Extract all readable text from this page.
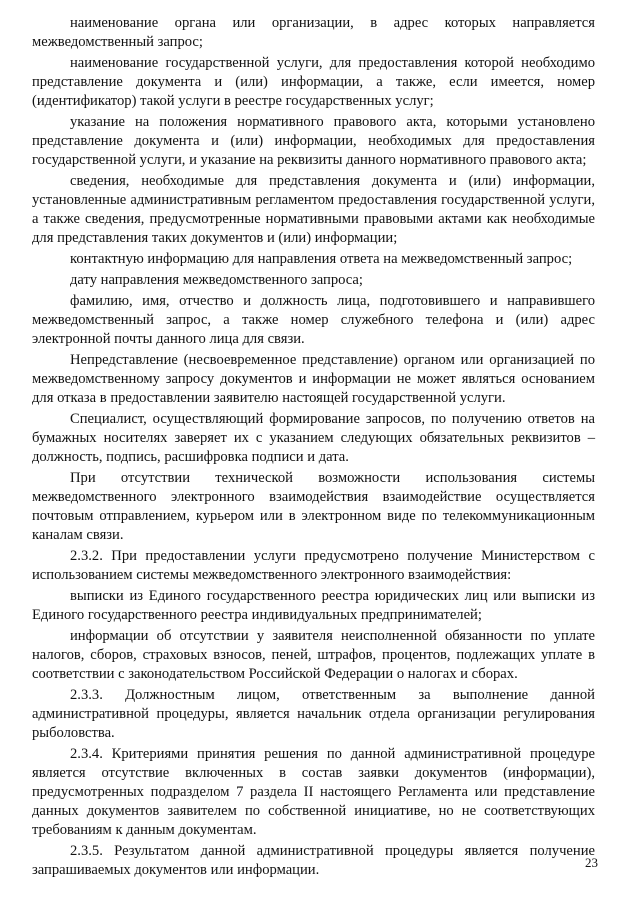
наименование органа или организации, в адрес которых направляется межведомственный запрос;

наименование государственной услуги, для предоставления которой необходимо представление документа и (или) информации, а также, если имеется, номер (идентификатор) такой услуги в реестре государственных услуг;

указание на положения нормативного правового акта, которыми установлено представление документа и (или) информации, необходимых для предоставления государственной услуги, и указание на реквизиты данного нормативного правового акта;

сведения, необходимые для представления документа и (или) информации, установленные административным регламентом предоставления государственной услуги, а также сведения, предусмотренные нормативными правовыми актами как необходимые для представления таких документов и (или) информации;

контактную информацию для направления ответа на межведомственный запрос;

дату направления межведомственного запроса;

фамилию, имя, отчество и должность лица, подготовившего и направившего межведомственный запрос, а также номер служебного телефона и (или) адрес электронной почты данного лица для связи.

Непредставление (несвоевременное представление) органом или организацией по межведомственному запросу документов и информации не может являться основанием для отказа в предоставлении заявителю настоящей государственной услуги.

Специалист, осуществляющий формирование запросов, по получению ответов на бумажных носителях заверяет их с указанием следующих обязательных реквизитов – должность, подпись, расшифровка подписи и дата.

При отсутствии технической возможности использования системы межведомственного электронного взаимодействия взаимодействие осуществляется почтовым отправлением, курьером или в электронном виде по телекоммуникационным каналам связи.

2.3.2. При предоставлении услуги предусмотрено получение Министерством с использованием системы межведомственного электронного взаимодействия:

выписки из Единого государственного реестра юридических лиц или выписки из Единого государственного реестра индивидуальных предпринимателей;

информации об отсутствии у заявителя неисполненной обязанности по уплате налогов, сборов, страховых взносов, пеней, штрафов, процентов, подлежащих уплате в соответствии с законодательством Российской Федерации о налогах и сборах.

2.3.3. Должностным лицом, ответственным за выполнение данной административной процедуры, является начальник отдела организации регулирования рыболовства.

2.3.4. Критериями принятия решения по данной административной процедуре является отсутствие включенных в состав заявки документов (информации), предусмотренных подразделом 7 раздела II настоящего Регламента или представление данных документов заявителем по собственной инициативе, но не соответствующих требованиям к данным документам.

2.3.5. Результатом данной административной процедуры является получение запрашиваемых документов или информации.	23
